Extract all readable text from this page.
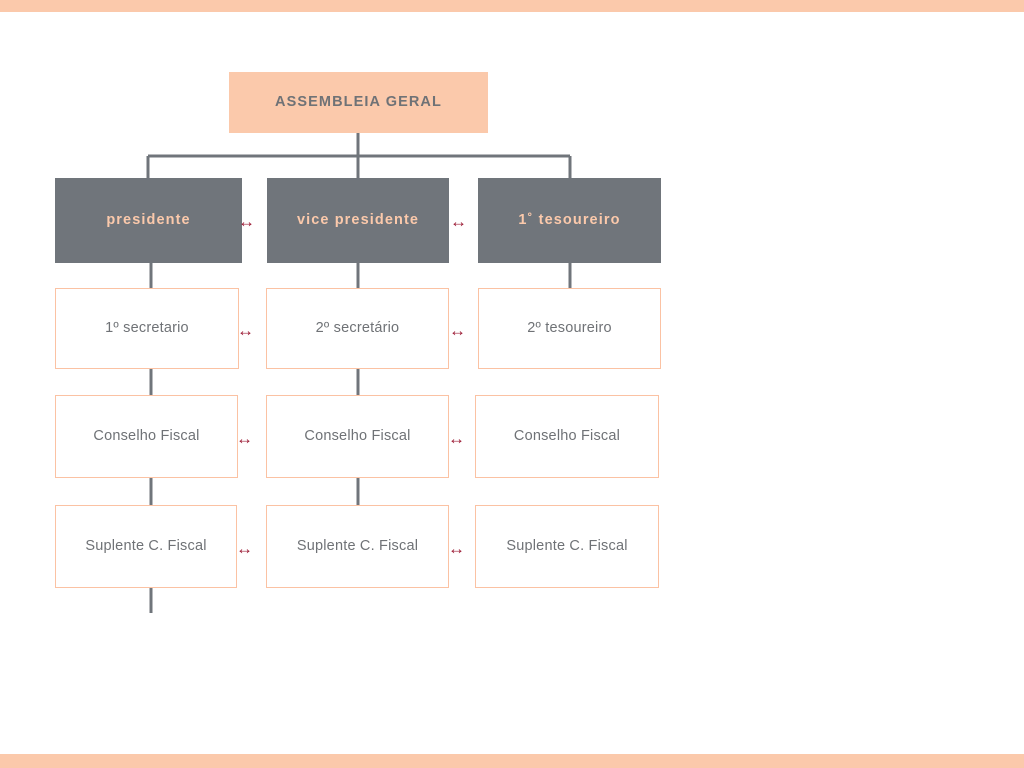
ASSEMBLEIA GERAL
presidente	vice presidente	1˚ tesoureiro
↔	↔
1º secretario	2º secretário	2º tesoureiro
↔	↔
Conselho Fiscal	Conselho Fiscal	Conselho Fiscal
↔	↔
Suplente C. Fiscal	Suplente C. Fiscal	Suplente C. Fiscal
↔	↔
